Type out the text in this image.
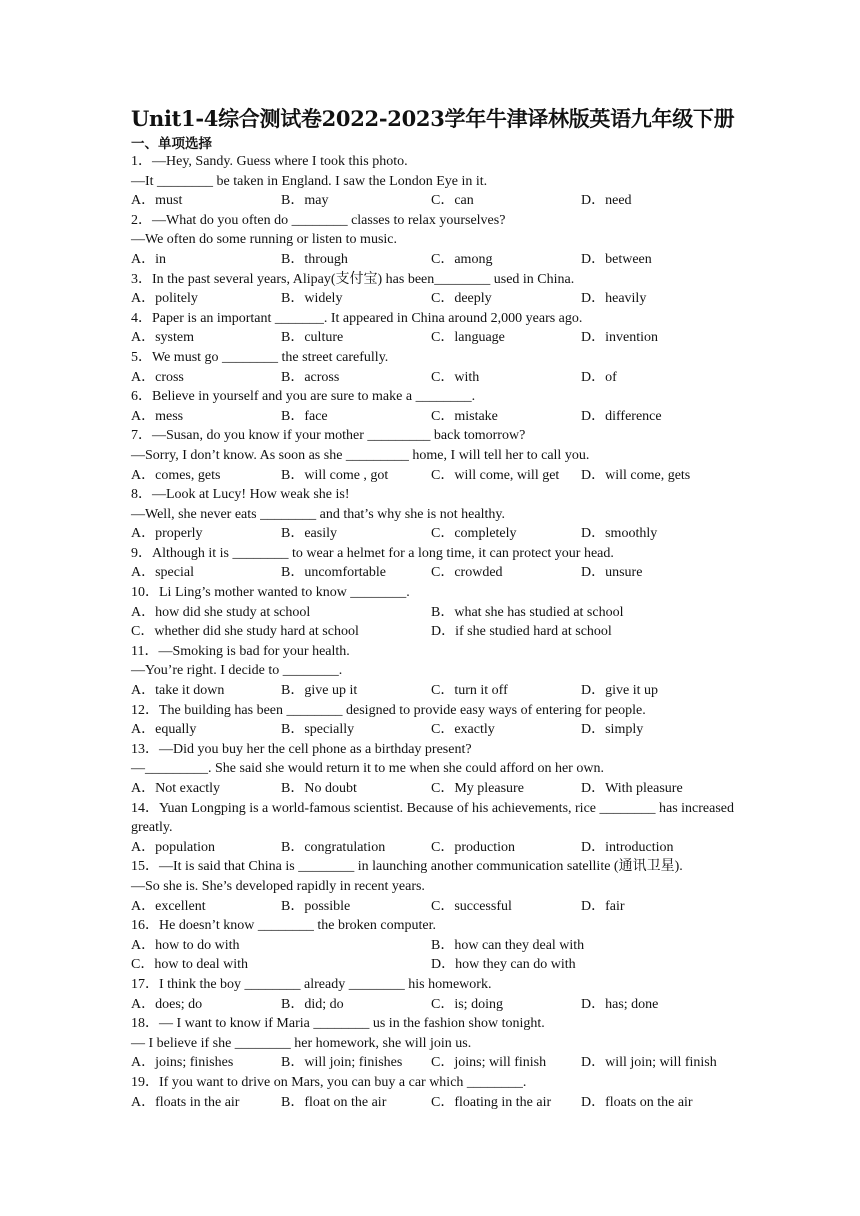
Unit1-4综合测试卷2022-2023学年牛津译林版英语九年级下册
一、单项选择
1．—Hey, Sandy. Guess where I took this photo.
—It ________ be taken in England. I saw the London Eye in it.
A．must	B．may	C．can	D．need
2．—What do you often do ________ classes to relax yourselves?
—We often do some running or listen to music.
A．in	B．through	C．among	D．between
3．In the past several years, Alipay(支付宝) has been________ used in China.
A．politely	B．widely	C．deeply	D．heavily
4．Paper is an important _______. It appeared in China around 2,000 years ago.
A．system	B．culture	C．language	D．invention
5．We must go ________ the street carefully.
A．cross	B．across	C．with	D．of
6．Believe in yourself and you are sure to make a ________.
A．mess	B．face	C．mistake	D．difference
7．—Susan, do you know if your mother _________ back tomorrow?
—Sorry, I don’t know. As soon as she _________ home, I will tell her to call you.
A．comes, gets	B．will come , got	C．will come, will get	D．will come, gets
8．—Look at Lucy! How weak she is!
—Well, she never eats ________ and that’s why she is not healthy.
A．properly	B．easily	C．completely	D．smoothly
9．Although it is ________ to wear a helmet for a long time, it can protect your head.
A．special	B．uncomfortable	C．crowded	D．unsure
10．Li Ling’s mother wanted to know ________.
A．how did she study at school	B．what she has studied at school
C．whether did she study hard at school	D．if she studied hard at school
11．—Smoking is bad for your health.
—You’re right. I decide to ________.
A．take it down	B．give up it	C．turn it off	D．give it up
12．The building has been ________ designed to provide easy ways of entering for people.
A．equally	B．specially	C．exactly	D．simply
13．—Did you buy her the cell phone as a birthday present?
—_________. She said she would return it to me when she could afford on her own.
A．Not exactly	B．No doubt	C．My pleasure	D．With pleasure
14．Yuan Longping is a world-famous scientist. Because of his achievements, rice ________ has increased greatly.
A．population	B．congratulation	C．production	D．introduction
15．—It is said that China is ________ in launching another communication satellite (通讯卫星).
—So she is. She’s developed rapidly in recent years.
A．excellent	B．possible	C．successful	D．fair
16．He doesn’t know ________ the broken computer.
A．how to do with	B．how can they deal with
C．how to deal with	D．how they can do with
17．I think the boy ________ already ________ his homework.
A．does; do	B．did; do	C．is; doing	D．has; done
18．— I want to know if Maria ________ us in the fashion show tonight.
— I believe if she ________ her homework, she will join us.
A．joins; finishes	B．will join; finishes	C．joins; will finish	D．will join; will finish
19．If you want to drive on Mars, you can buy a car which ________.
A．floats in the air	B．float on the air	C．floating in the air	D．floats on the air
